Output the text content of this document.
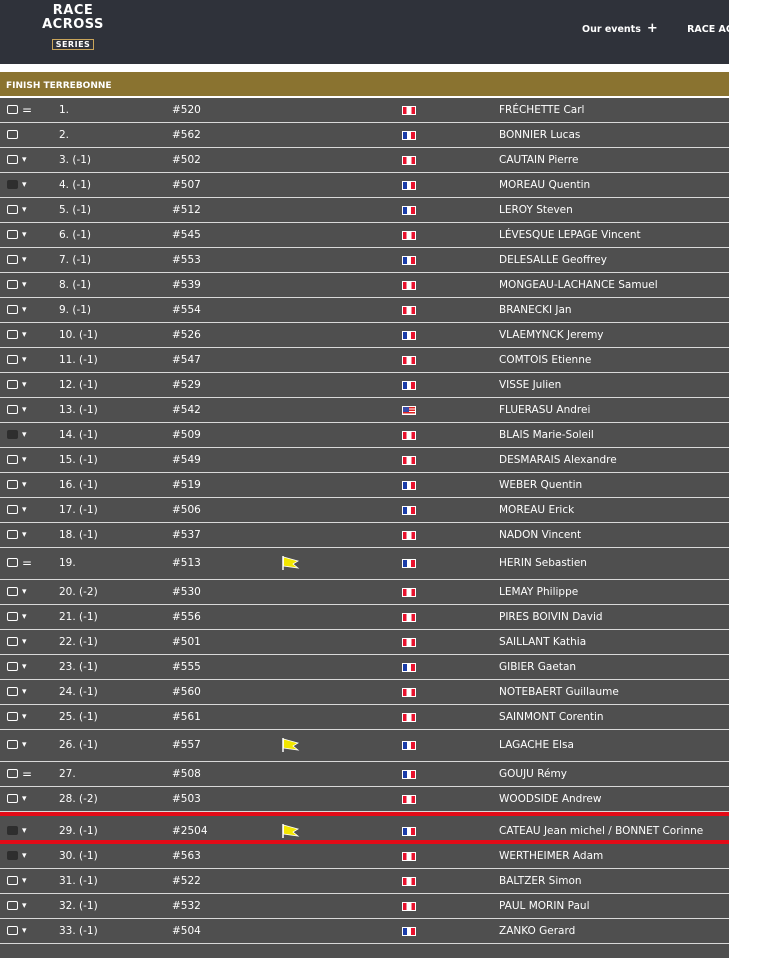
RACE
ACROSS
SERIES
Our events +	RACE ACROSS
FINISH TERREBONNE
=	1.	#520	FRÉCHETTE Carl
2.	#562	BONNIER Lucas
▾	3. (-1)	#502	CAUTAIN Pierre
▾	4. (-1)	#507	MOREAU Quentin
▾	5. (-1)	#512	LEROY Steven
▾	6. (-1)	#545	LÉVESQUE LEPAGE Vincent
▾	7. (-1)	#553	DELESALLE Geoffrey
▾	8. (-1)	#539	MONGEAU-LACHANCE Samuel
▾	9. (-1)	#554	BRANECKI Jan
▾	10. (-1)	#526	VLAEMYNCK Jeremy
▾	11. (-1)	#547	COMTOIS Etienne
▾	12. (-1)	#529	VISSE Julien
▾	13. (-1)	#542	FLUERASU Andrei
▾	14. (-1)	#509	BLAIS Marie-Soleil
▾	15. (-1)	#549	DESMARAIS Alexandre
▾	16. (-1)	#519	WEBER Quentin
▾	17. (-1)	#506	MOREAU Erick
▾	18. (-1)	#537	NADON Vincent
=	19.	#513	HERIN Sebastien
▾	20. (-2)	#530	LEMAY Philippe
▾	21. (-1)	#556	PIRES BOIVIN David
▾	22. (-1)	#501	SAILLANT Kathia
▾	23. (-1)	#555	GIBIER Gaetan
▾	24. (-1)	#560	NOTEBAERT Guillaume
▾	25. (-1)	#561	SAINMONT Corentin
▾	26. (-1)	#557	LAGACHE Elsa
=	27.	#508	GOUJU Rémy
▾	28. (-2)	#503	WOODSIDE Andrew
▾	29. (-1)	#2504	CATEAU Jean michel / BONNET Corinne
▾	30. (-1)	#563	WERTHEIMER Adam
▾	31. (-1)	#522	BALTZER Simon
▾	32. (-1)	#532	PAUL MORIN Paul
▾	33. (-1)	#504	ZANKO Gerard
